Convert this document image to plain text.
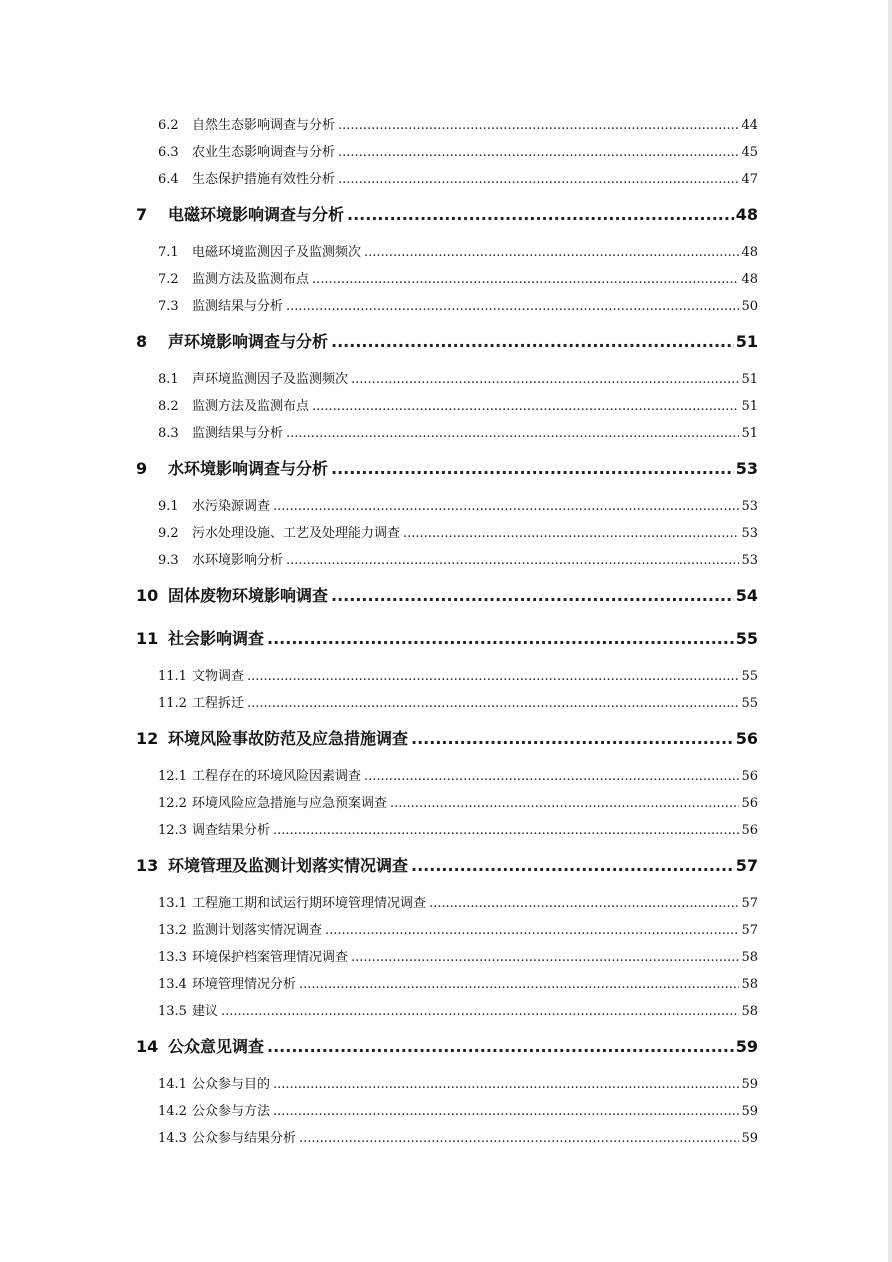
6.2	自然生态影响调查与分析 .....	44
6.3	农业生态影响调查与分析 .....	45
6.4	生态保护措施有效性分析 .....	47
7	电磁环境影响调查与分析 .....	48
7.1	电磁环境监测因子及监测频次 .....	48
7.2	监测方法及监测布点 .....	48
7.3	监测结果与分析 .....	50
8	声环境影响调查与分析 .....	51
8.1	声环境监测因子及监测频次 .....	51
8.2	监测方法及监测布点 .....	51
8.3	监测结果与分析 .....	51
9	水环境影响调查与分析 .....	53
9.1	水污染源调查 .....	53
9.2	污水处理设施、工艺及处理能力调查 .....	53
9.3	水环境影响分析 .....	53
10 固体废物环境影响调查 .....	54
11 社会影响调查 .....	55
11.1 文物调查 .....	55
11.2 工程拆迁 .....	55
12 环境风险事故防范及应急措施调查 .....	56
12.1 工程存在的环境风险因素调查 .....	56
12.2 环境风险应急措施与应急预案调查 .....	56
12.3 调查结果分析 .....	56
13 环境管理及监测计划落实情况调查 .....	57
13.1 工程施工期和试运行期环境管理情况调查 .....	57
13.2 监测计划落实情况调查 .....	57
13.3 环境保护档案管理情况调查 .....	58
13.4 环境管理情况分析 .....	58
13.5 建议 .....	58
14 公众意见调查 .....	59
14.1 公众参与目的 .....	59
14.2 公众参与方法 .....	59
14.3 公众参与结果分析 .....	59
